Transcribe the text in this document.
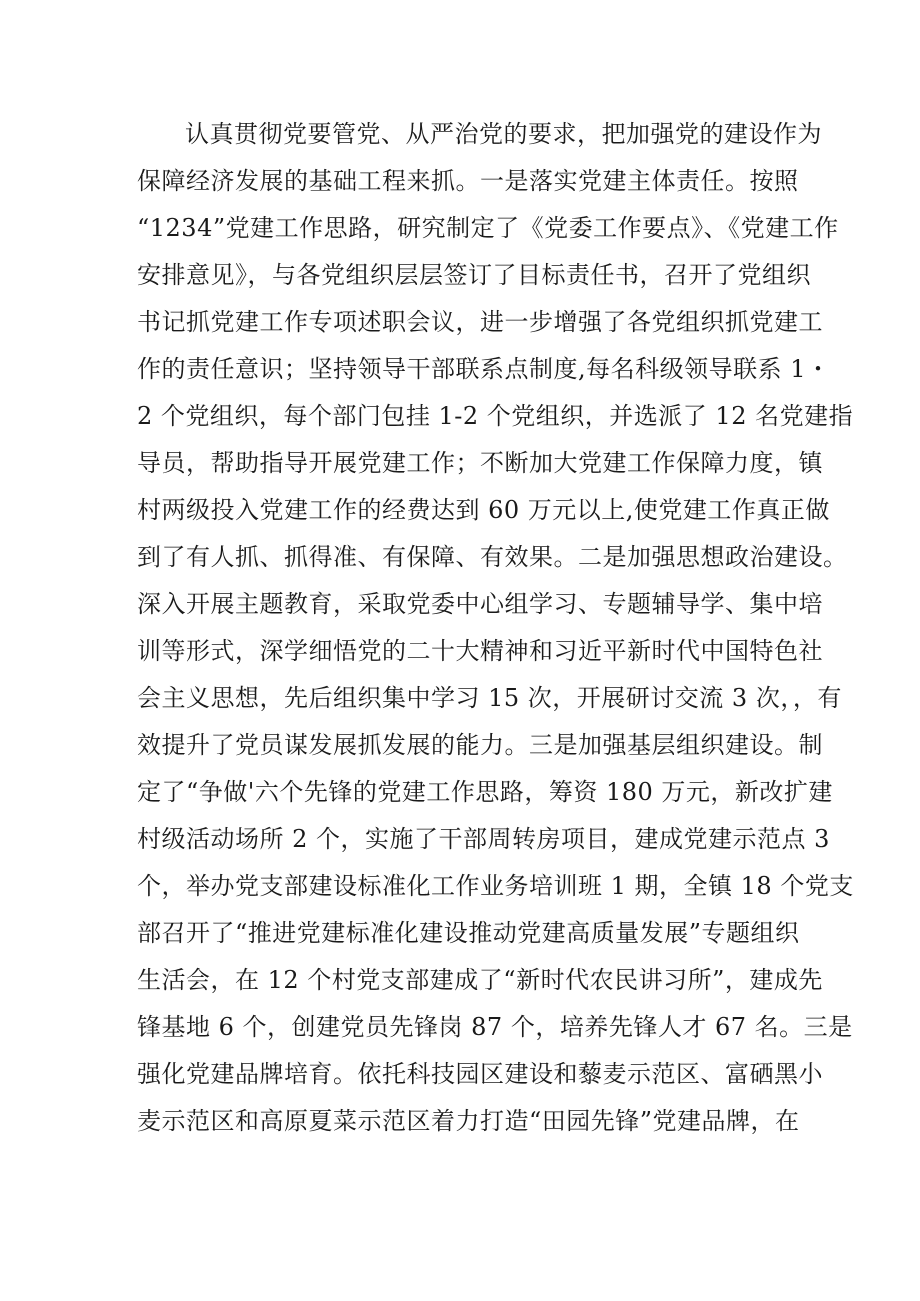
认真贯彻党要管党、从严治党的要求，把加强党的建设作为
保障经济发展的基础工程来抓。一是落实党建主体责任。按照
“1234”党建工作思路，研究制定了《党委工作要点》、《党建工作
安排意见》，与各党组织层层签订了目标责任书，召开了党组织
书记抓党建工作专项述职会议，进一步增强了各党组织抓党建工
作的责任意识；坚持领导干部联系点制度,每名科级领导联系 1・
2 个党组织，每个部门包挂 1-2 个党组织，并选派了 12 名党建指
导员，帮助指导开展党建工作；不断加大党建工作保障力度，镇
村两级投入党建工作的经费达到 60 万元以上,使党建工作真正做
到了有人抓、抓得准、有保障、有效果。二是加强思想政治建设。
深入开展主题教育，采取党委中心组学习、专题辅导学、集中培
训等形式，深学细悟党的二十大精神和习近平新时代中国特色社
会主义思想，先后组织集中学习 15 次，开展研讨交流 3 次，，有
效提升了党员谋发展抓发展的能力。三是加强基层组织建设。制
定了“争做'六个先锋的党建工作思路，筹资 180 万元，新改扩建
村级活动场所 2 个，实施了干部周转房项目，建成党建示范点 3
个，举办党支部建设标准化工作业务培训班 1 期，全镇 18 个党支
部召开了“推进党建标准化建设推动党建高质量发展”专题组织
生活会，在 12 个村党支部建成了“新时代农民讲习所”，建成先
锋基地 6 个，创建党员先锋岗 87 个，培养先锋人才 67 名。三是
强化党建品牌培育。依托科技园区建设和藜麦示范区、富硒黑小
麦示范区和高原夏菜示范区着力打造“田园先锋”党建品牌，在
